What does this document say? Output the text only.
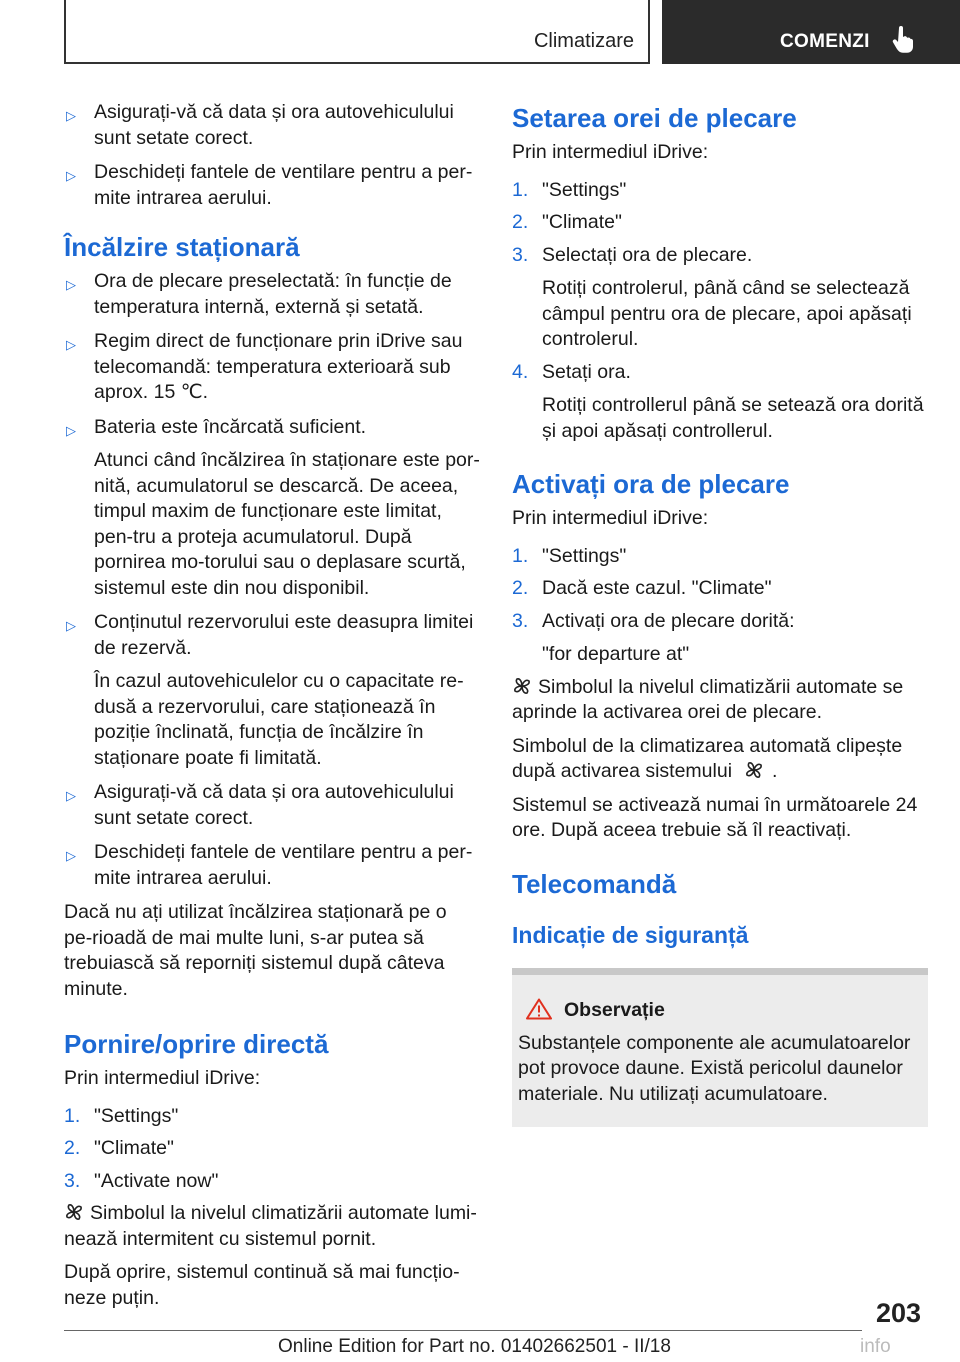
Climatizare	COMENZI
▷ Asigurați-vă că data și ora autovehiculului sunt setate corect.
▷ Deschideți fantele de ventilare pentru a per‐mite intrarea aerului.
Încălzire staționară
▷ Ora de plecare preselectată: în funcție de temperatura internă, externă și setată.
▷ Regim direct de funcționare prin iDrive sau telecomandă: temperatura exterioară sub aprox. 15 ℃.
▷ Bateria este încărcată suficient.
Atunci când încălzirea în staționare este por‐nită, acumulatorul se descarcă. De aceea, timpul maxim de funcționare este limitat, pen‐tru a proteja acumulatorul. După pornirea mo‐torului sau o deplasare scurtă, sistemul este din nou disponibil.
▷ Conținutul rezervorului este deasupra limitei de rezervă.
În cazul autovehiculelor cu o capacitate re‐dusă a rezervorului, care staționează în poziție înclinată, funcția de încălzire în staționare poate fi limitată.
▷ Asigurați-vă că data și ora autovehiculului sunt setate corect.
▷ Deschideți fantele de ventilare pentru a per‐mite intrarea aerului.

Dacă nu ați utilizat încălzirea staționară pe o pe‐rioadă de mai multe luni, s-ar putea să trebuiască să reporniți sistemul după câteva minute.

Pornire/oprire directă

Prin intermediul iDrive:

1. "Settings"
2. "Climate"
3. "Activate now"

Simbolul la nivelul climatizării automate lumi‐nează intermitent cu sistemul pornit.

După oprire, sistemul continuă să mai funcțio‐neze puțin.

Setarea orei de plecare

Prin intermediul iDrive:

1. "Settings"
2. "Climate"
3. Selectați ora de plecare.
Rotiți controlerul, până când se selectează câmpul pentru ora de plecare, apoi apăsați controlerul.
4. Setați ora.
Rotiți controllerul până se setează ora dorită și apoi apăsați controllerul.
Activați ora de plecare

Prin intermediul iDrive:

1. "Settings"
2. Dacă este cazul. "Climate"
3. Activați ora de plecare dorită:
"for departure at"

Simbolul la nivelul climatizării automate se aprinde la activarea orei de plecare.

Simbolul de la climatizarea automată clipește după activarea sistemului .

Sistemul se activează numai în următoarele 24 ore. După aceea trebuie să îl reactivați.

Telecomandă
Indicație de siguranță
Observație

Substanțele componente ale acumulatoarelor pot provoce daune. Există pericolul daunelor materiale. Nu utilizați acumulatoare.

203
Online Edition for Part no. 01402662501 - II/18	info
